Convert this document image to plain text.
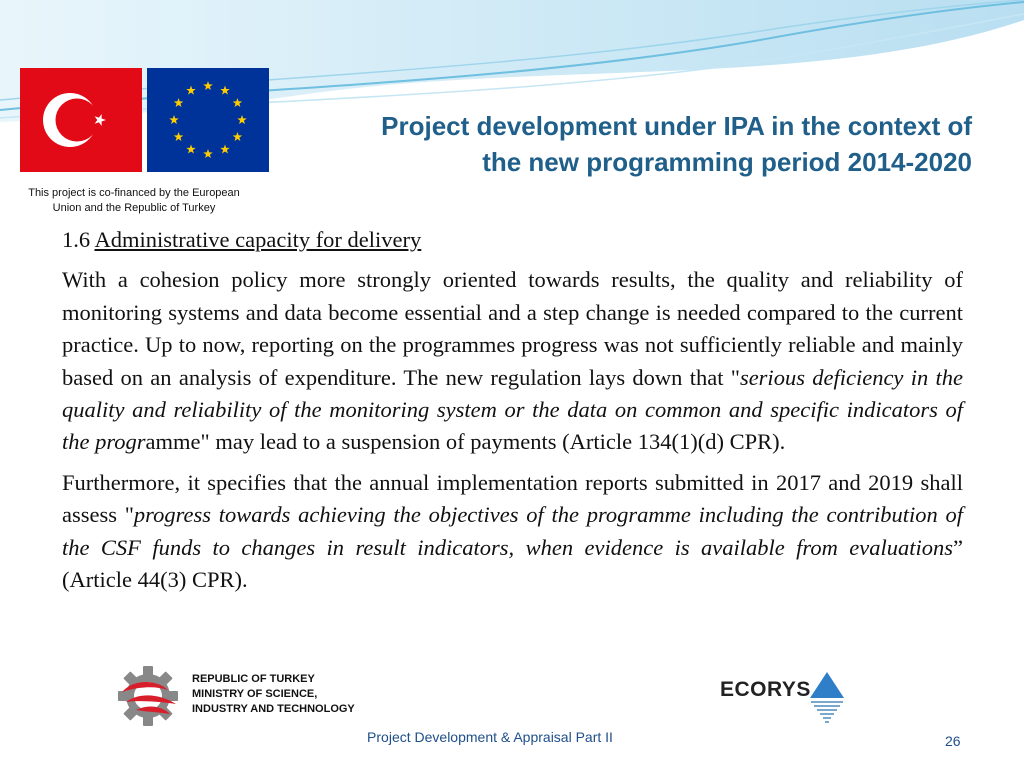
This project is co-financed by the European
Union and the Republic of Turkey
Project development under IPA in the context of
the new programming period 2014-2020

1.6 Administrative capacity for delivery

With a cohesion policy more strongly oriented towards results, the quality and reliability of monitoring systems and data become essential and a step change is needed compared to the current practice. Up to now, reporting on the programmes progress was not sufficiently reliable and mainly based on an analysis of expenditure. The new regulation lays down that "serious deficiency in the quality and reliability of the monitoring system or the data on common and specific indicators of the programme" may lead to a suspension of payments (Article 134(1)(d) CPR).

Furthermore, it specifies that the annual implementation reports submitted in 2017 and 2019 shall assess "progress towards achieving the objectives of the programme including the contribution of the CSF funds to changes in result indicators, when evidence is available from evaluations” (Article 44(3) CPR).

REPUBLIC OF TURKEY
MINISTRY OF SCIENCE,
INDUSTRY AND TECHNOLOGY
ECORYS
Project Development & Appraisal Part II	26
